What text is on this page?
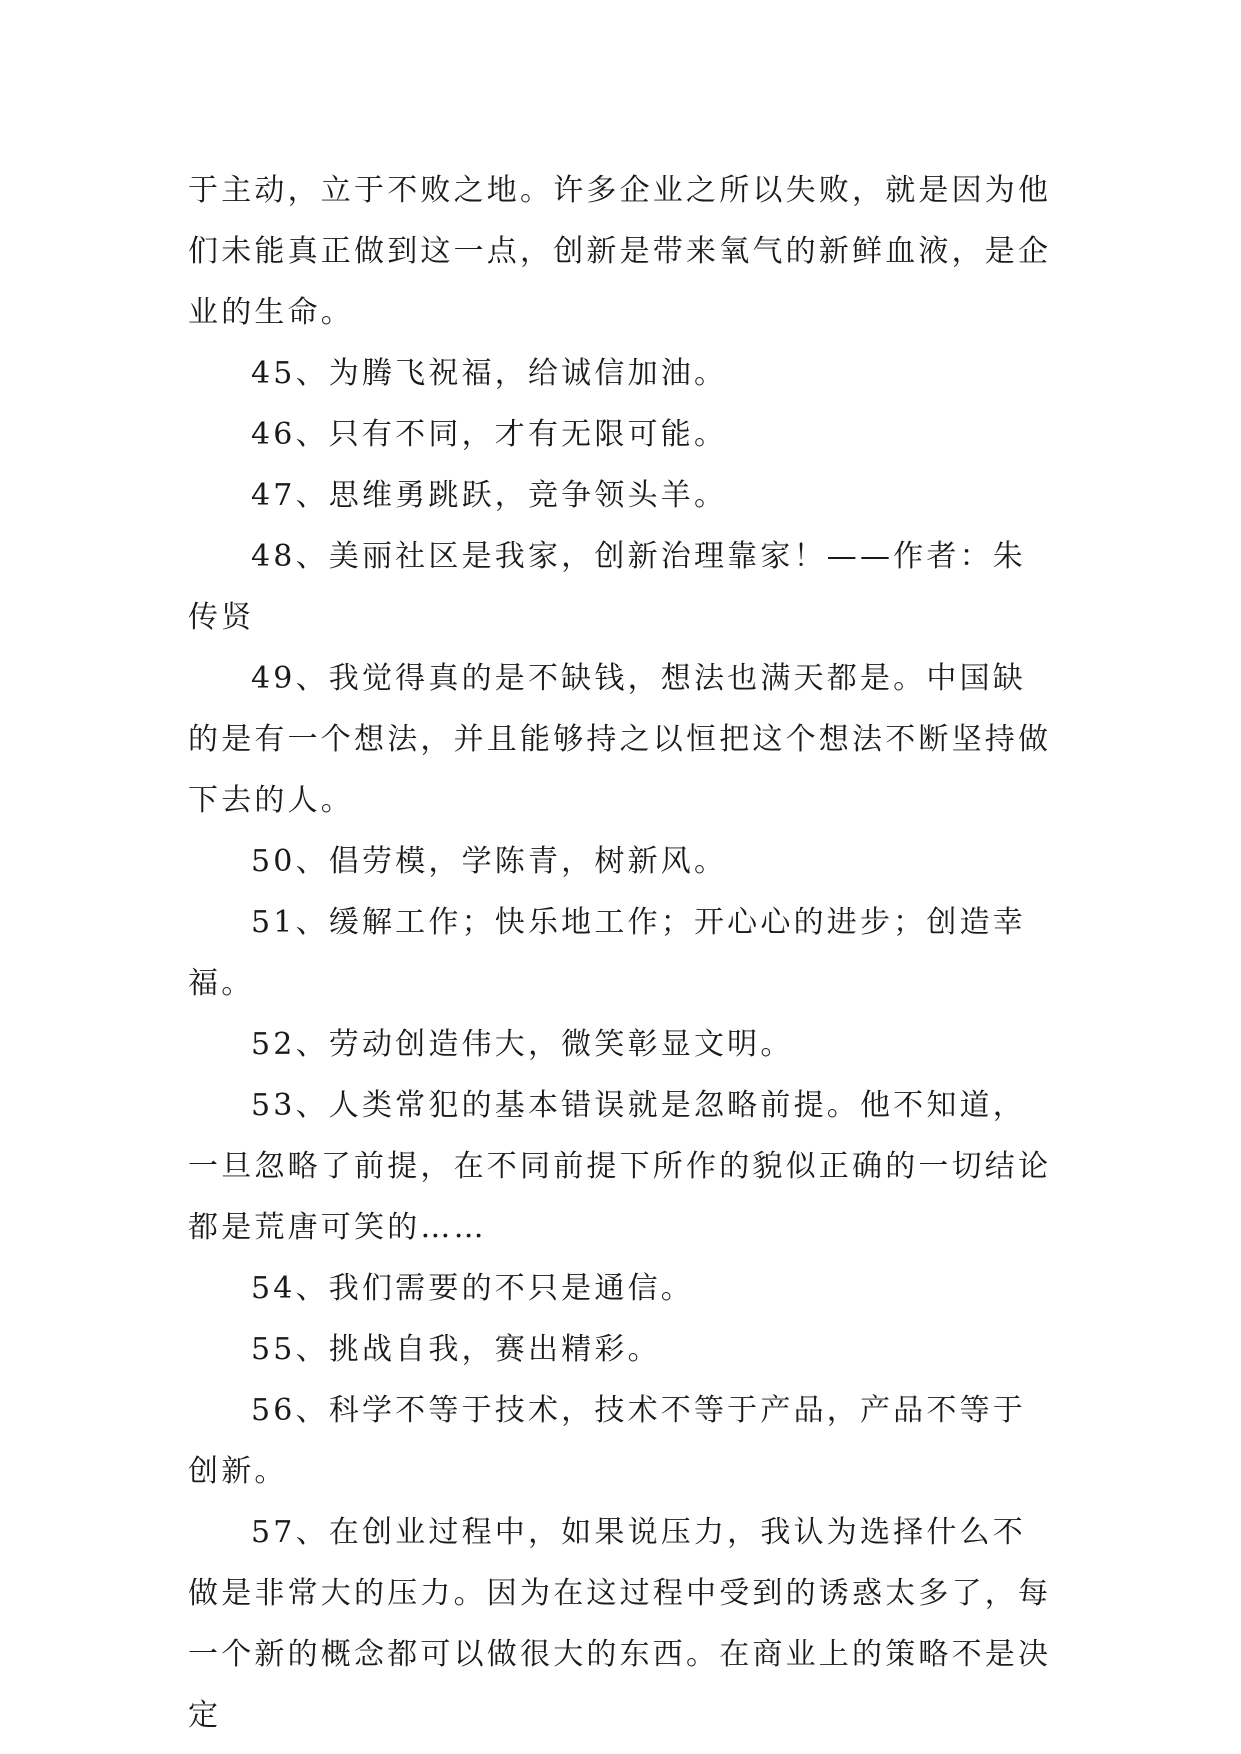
于主动，立于不败之地。许多企业之所以失败，就是因为他们未能真正做到这一点，创新是带来氧气的新鲜血液，是企业的生命。

45、为腾飞祝福，给诚信加油。

46、只有不同，才有无限可能。

47、思维勇跳跃，竞争领头羊。

48、美丽社区是我家，创新治理靠家！——作者：朱传贤

49、我觉得真的是不缺钱，想法也满天都是。中国缺的是有一个想法，并且能够持之以恒把这个想法不断坚持做下去的人。

50、倡劳模，学陈青，树新风。

51、缓解工作；快乐地工作；开心心的进步；创造幸福。

52、劳动创造伟大，微笑彰显文明。

53、人类常犯的基本错误就是忽略前提。他不知道，一旦忽略了前提，在不同前提下所作的貌似正确的一切结论都是荒唐可笑的……

54、我们需要的不只是通信。

55、挑战自我，赛出精彩。

56、科学不等于技术，技术不等于产品，产品不等于创新。

57、在创业过程中，如果说压力，我认为选择什么不做是非常大的压力。因为在这过程中受到的诱惑太多了，每一个新的概念都可以做很大的东西。在商业上的策略不是决定
